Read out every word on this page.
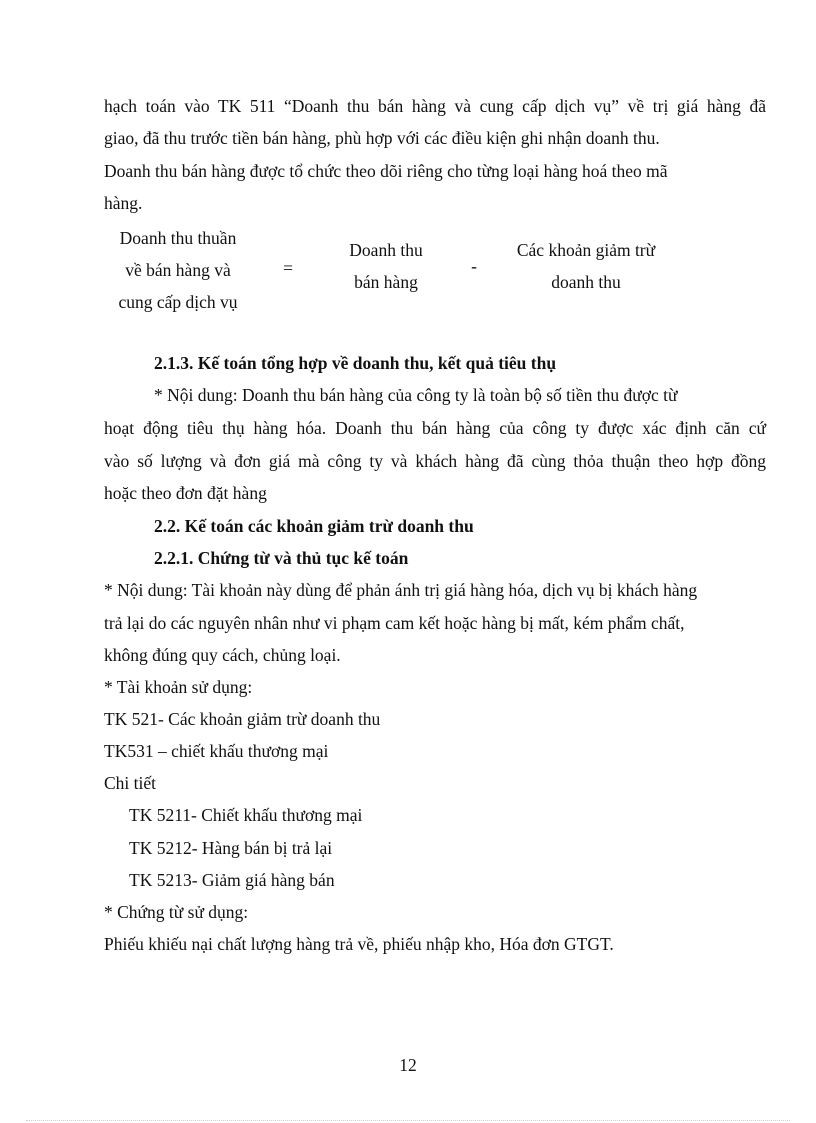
hạch toán vào TK 511 “Doanh thu bán hàng và cung cấp dịch vụ” về trị giá hàng đã
giao, đã thu trước tiền bán hàng, phù hợp với các điều kiện ghi nhận doanh thu.
Doanh thu bán hàng được tổ chức theo dõi riêng cho từng loại hàng hoá theo mã
hàng.
Doanh thu thuần
về bán hàng và
cung cấp dịch vụ
=
Doanh thu
bán hàng
-
Các khoản giảm trừ
doanh thu
2.1.3. Kế toán tổng hợp về doanh thu, kết quả tiêu thụ
* Nội dung: Doanh thu bán hàng của công ty là toàn bộ số tiền thu được từ
hoạt động tiêu thụ hàng hóa. Doanh thu bán hàng của công ty được xác định căn cứ
vào số lượng và đơn giá mà công ty và khách hàng đã cùng thỏa thuận theo hợp đồng
hoặc theo đơn đặt hàng
2.2. Kế toán các khoản giảm trừ doanh thu
2.2.1. Chứng từ và thủ tục kế toán
* Nội dung: Tài khoản này dùng để phản ánh trị giá hàng hóa, dịch vụ bị khách hàng
trả lại do các nguyên nhân như vi phạm cam kết hoặc hàng bị mất, kém phẩm chất,
không đúng quy cách, chủng loại.
* Tài khoản sử dụng:
TK 521- Các khoản giảm trừ doanh thu
TK531 – chiết khấu thương mại
Chi tiết
TK 5211- Chiết khấu thương mại
TK 5212- Hàng bán bị trả lại
TK 5213- Giảm giá hàng bán
* Chứng từ sử dụng:
Phiếu khiếu nại chất lượng hàng trả về, phiếu nhập kho, Hóa đơn GTGT.
12
